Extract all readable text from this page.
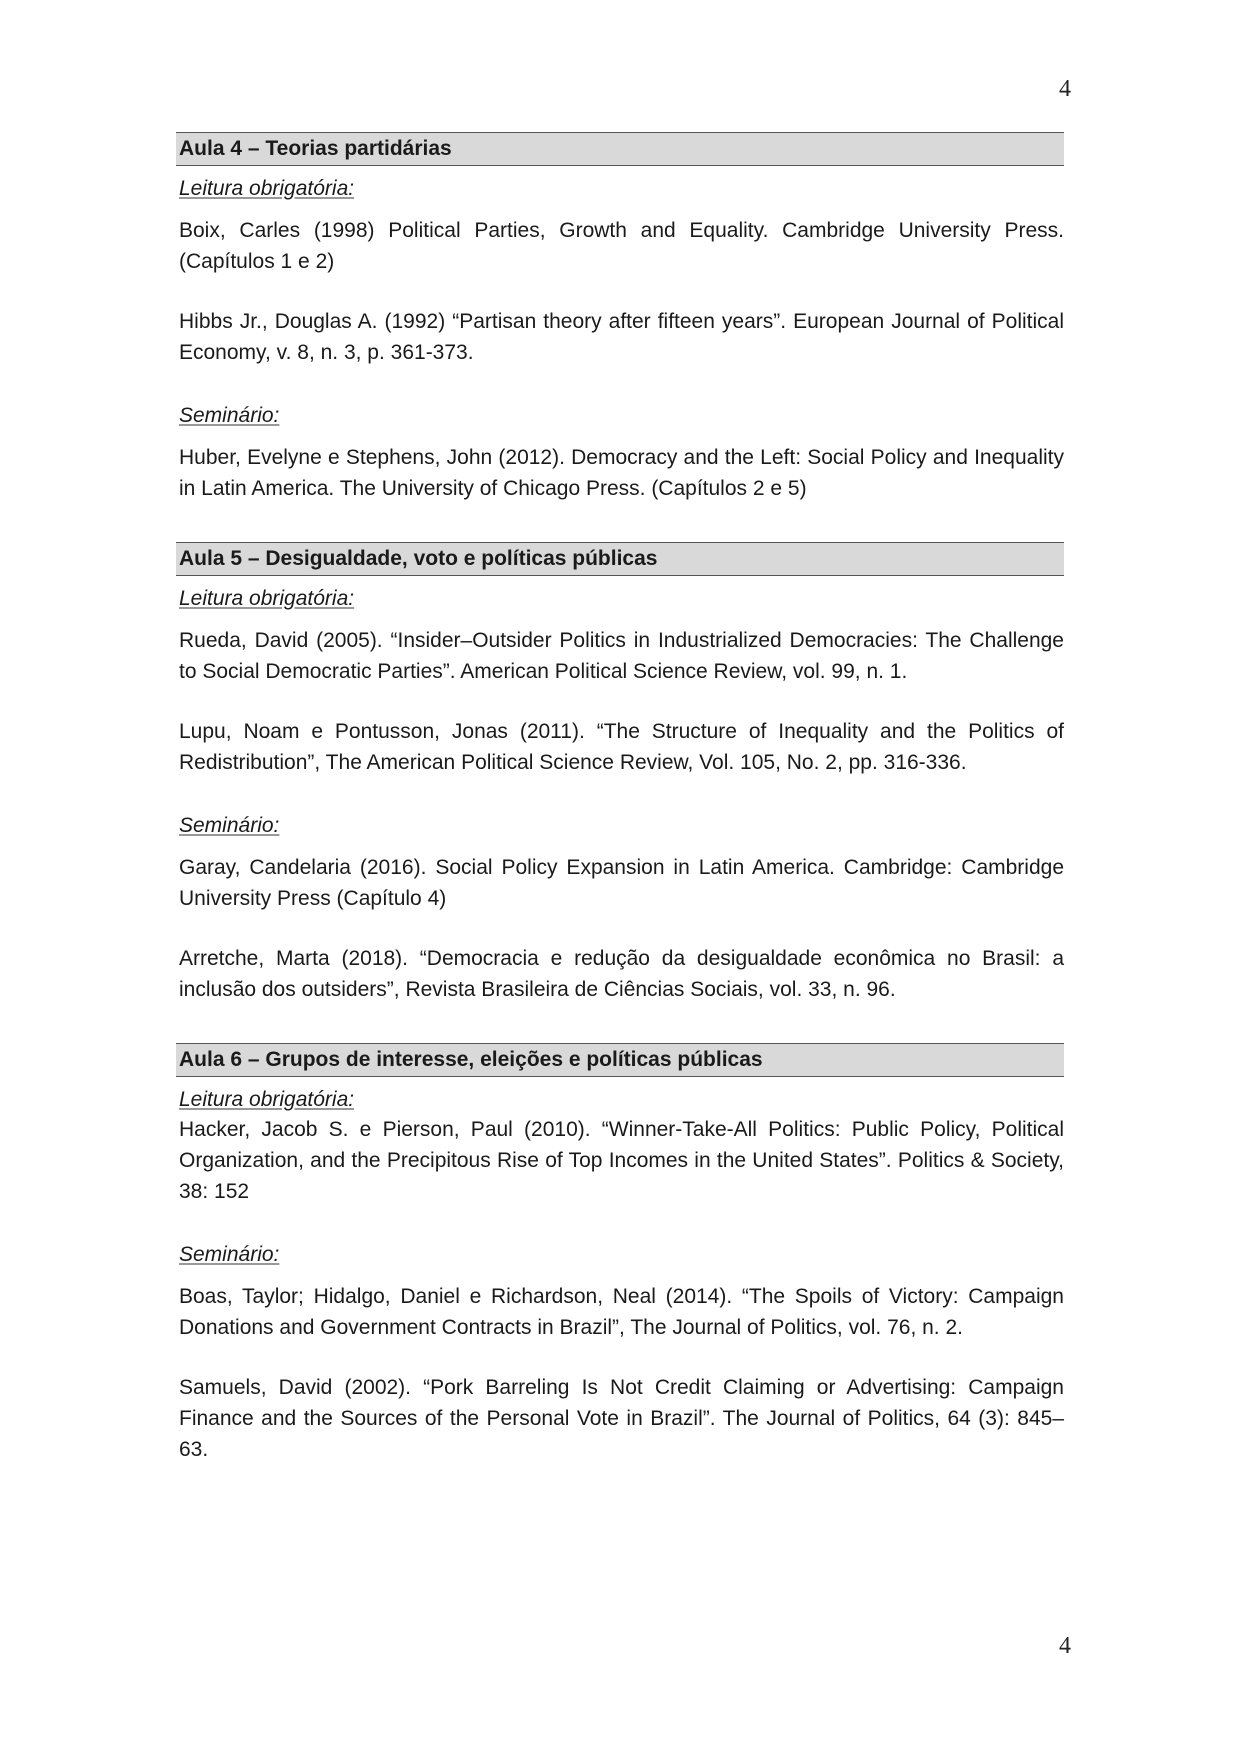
4
Aula 4 – Teorias partidárias
Leitura obrigatória:

Boix, Carles (1998) Political Parties, Growth and Equality. Cambridge University Press. (Capítulos 1 e 2)

Hibbs Jr., Douglas A. (1992) “Partisan theory after fifteen years”. European Journal of Political Economy, v. 8, n. 3, p. 361-373.

Seminário:

Huber, Evelyne e Stephens, John (2012). Democracy and the Left: Social Policy and Inequality in Latin America. The University of Chicago Press. (Capítulos 2 e 5)

Aula 5 – Desigualdade, voto e políticas públicas
Leitura obrigatória:

Rueda, David (2005). “Insider–Outsider Politics in Industrialized Democracies: The Challenge to Social Democratic Parties”. American Political Science Review, vol. 99, n. 1.

Lupu, Noam e Pontusson, Jonas (2011). “The Structure of Inequality and the Politics of Redistribution”, The American Political Science Review, Vol. 105, No. 2, pp. 316-336.

Seminário:

Garay, Candelaria (2016). Social Policy Expansion in Latin America. Cambridge: Cambridge University Press (Capítulo 4)

Arretche, Marta (2018). “Democracia e redução da desigualdade econômica no Brasil: a inclusão dos outsiders”, Revista Brasileira de Ciências Sociais, vol. 33, n. 96.

Aula 6 – Grupos de interesse, eleições e políticas públicas
Leitura obrigatória:

Hacker, Jacob S. e Pierson, Paul (2010). “Winner-Take-All Politics: Public Policy, Political Organization, and the Precipitous Rise of Top Incomes in the United States”. Politics & Society, 38: 152

Seminário:

Boas, Taylor; Hidalgo, Daniel e Richardson, Neal (2014). “The Spoils of Victory: Campaign Donations and Government Contracts in Brazil”, The Journal of Politics, vol. 76, n. 2.

Samuels, David (2002). “Pork Barreling Is Not Credit Claiming or Advertising: Campaign Finance and the Sources of the Personal Vote in Brazil”. The Journal of Politics, 64 (3): 845–63.

4
